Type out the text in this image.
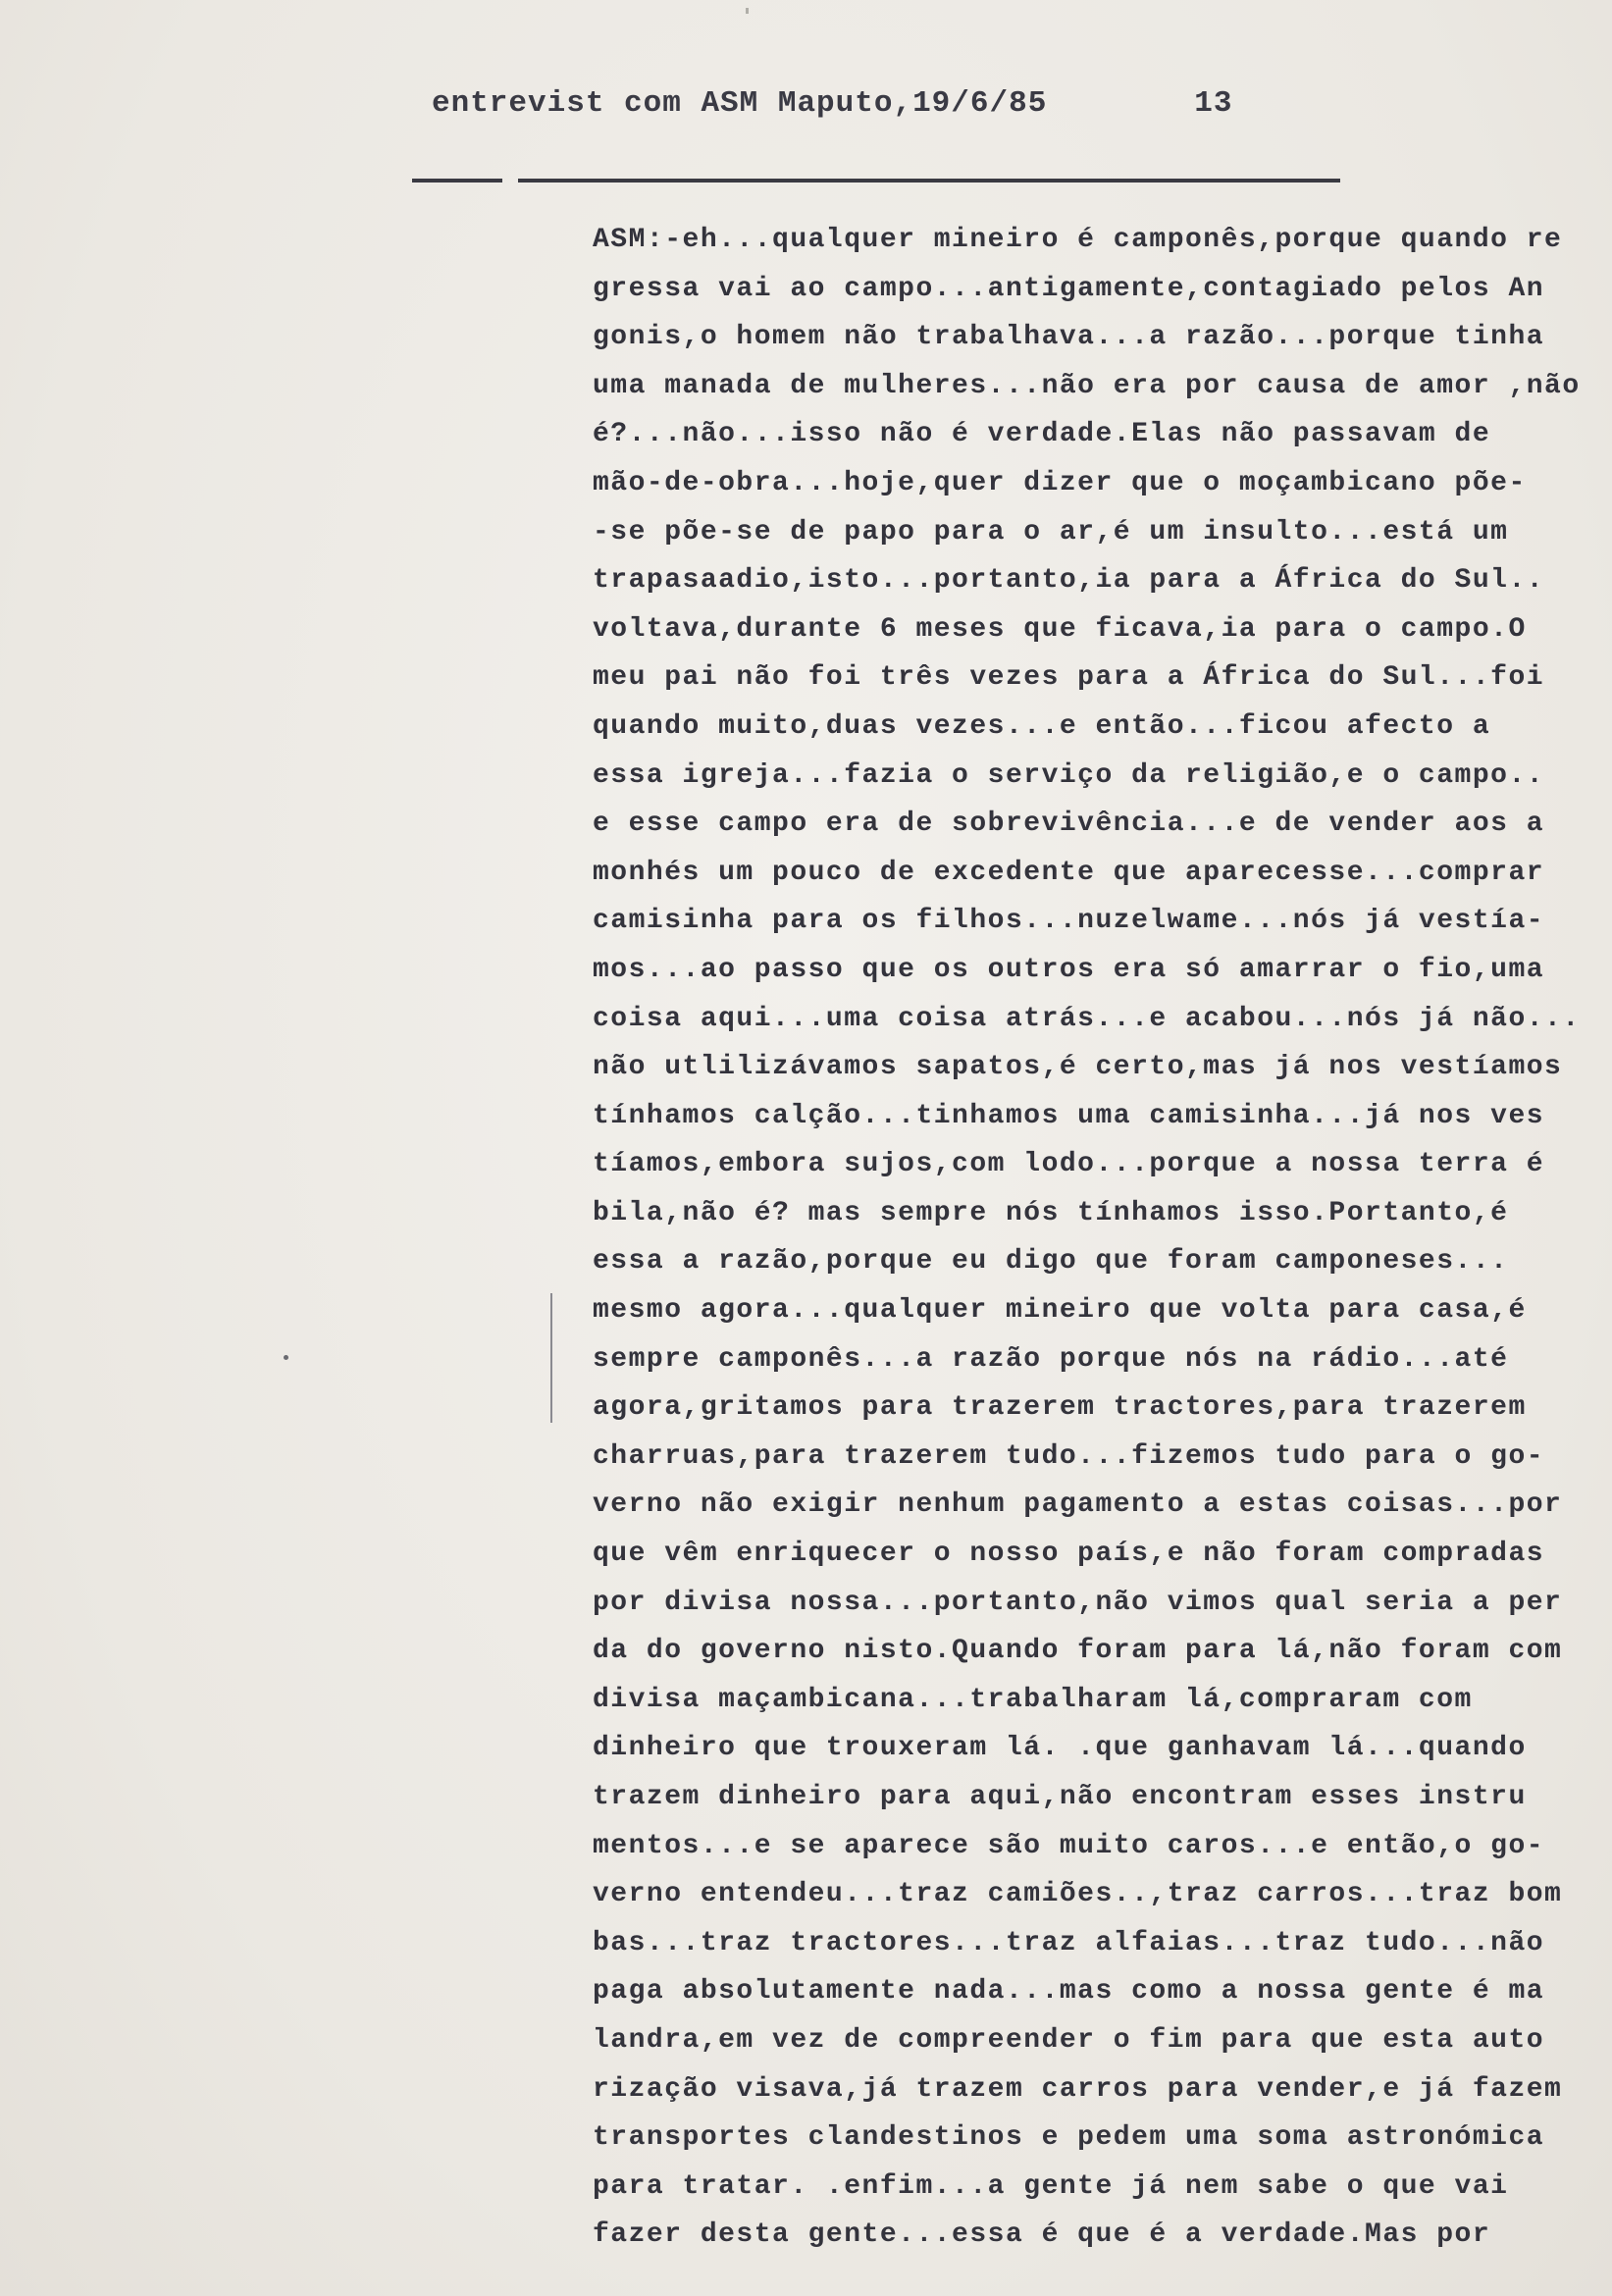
entrevist com ASM Maputo,19/6/85	13
ASM:-eh...qualquer mineiro é camponês,porque quando re
gressa vai ao campo...antigamente,contagiado pelos An
gonis,o homem não trabalhava...a razão...porque tinha
uma manada de mulheres...não era por causa de amor ,não
é?...não...isso não é verdade.Elas não passavam de
mão-de-obra...hoje,quer dizer que o moçambicano põe-
-se põe-se de papo para o ar,é um insulto...está um
trapasaadio,isto...portanto,ia para a África do Sul..
voltava,durante 6 meses que ficava,ia para o campo.O
meu pai não foi três vezes para a África do Sul...foi
quando muito,duas vezes...e então...ficou afecto a
essa igreja...fazia o serviço da religião,e o campo..
e esse campo era de sobrevivência...e de vender aos a
monhés um pouco de excedente que aparecesse...comprar
camisinha para os filhos...nuzelwame...nós já vestía-
mos...ao passo que os outros era só amarrar o fio,uma
coisa aqui...uma coisa atrás...e acabou...nós já não...
não utlilizávamos sapatos,é certo,mas já nos vestíamos
tínhamos calção...tinhamos uma camisinha...já nos ves
tíamos,embora sujos,com lodo...porque a nossa terra é
bila,não é? mas sempre nós tínhamos isso.Portanto,é
essa a razão,porque eu digo que foram camponeses...
mesmo agora...qualquer mineiro que volta para casa,é
sempre camponês...a razão porque nós na rádio...até
agora,gritamos para trazerem tractores,para trazerem
charruas,para trazerem tudo...fizemos tudo para o go-
verno não exigir nenhum pagamento a estas coisas...por
que vêm enriquecer o nosso país,e não foram compradas
por divisa nossa...portanto,não vimos qual seria a per
da do governo nisto.Quando foram para lá,não foram com
divisa maçambicana...trabalharam lá,compraram com
dinheiro que trouxeram lá. .que ganhavam lá...quando
trazem dinheiro para aqui,não encontram esses instru
mentos...e se aparece são muito caros...e então,o go-
verno entendeu...traz camiões..,traz carros...traz bom
bas...traz tractores...traz alfaias...traz tudo...não
paga absolutamente nada...mas como a nossa gente é ma
landra,em vez de compreender o fim para que esta auto
rização visava,já trazem carros para vender,e já fazem
transportes clandestinos e pedem uma soma astronómica
para tratar. .enfim...a gente já nem sabe o que vai
fazer desta gente...essa é que é a verdade.Mas por
